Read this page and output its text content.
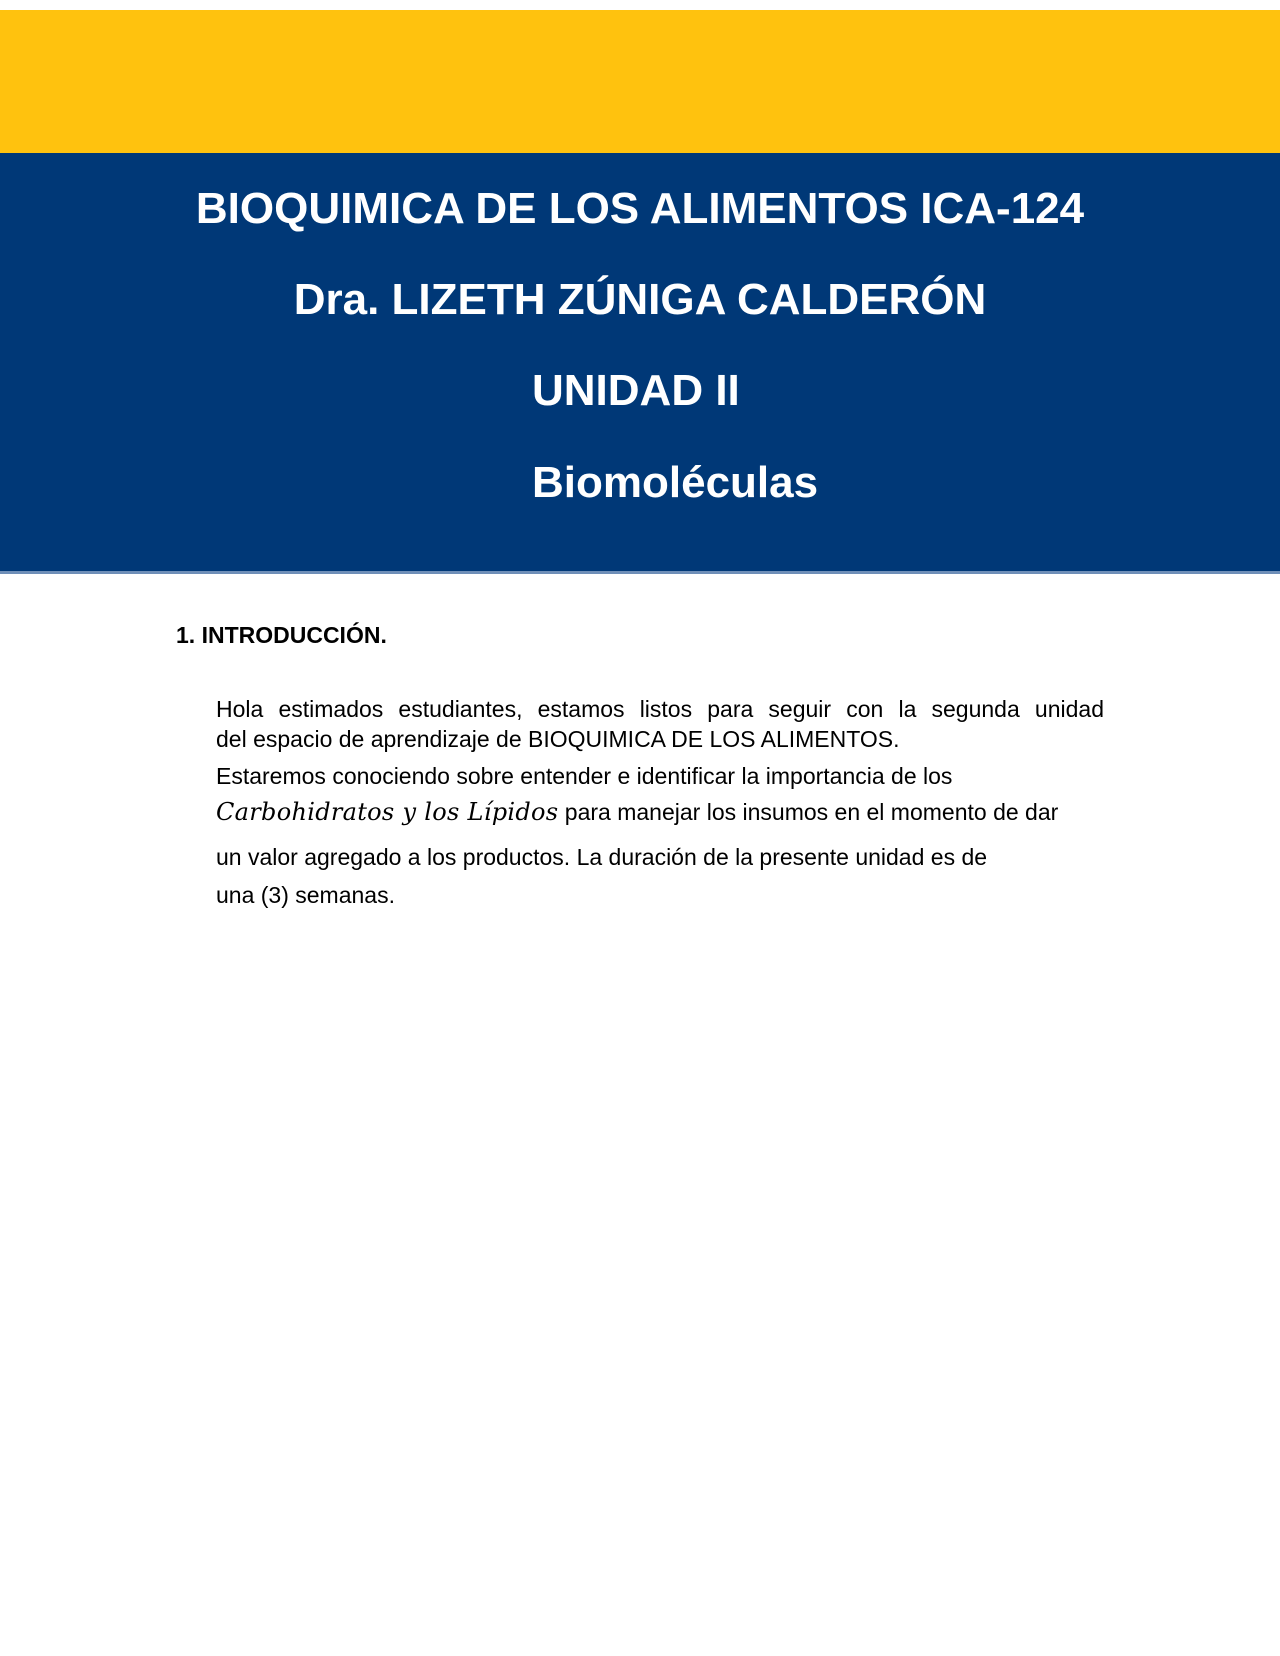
BIOQUIMICA DE LOS ALIMENTOS ICA-124
Dra. LIZETH ZÚNIGA CALDERÓN
UNIDAD II
Biomoléculas
1. INTRODUCCIÓN.

Hola estimados estudiantes, estamos listos para seguir con la segunda unidad

del espacio de aprendizaje de BIOQUIMICA DE LOS ALIMENTOS.

Estaremos conociendo sobre entender e identificar la importancia de los

Carbohidratos y los Lípidos para manejar los insumos en el momento de dar

un valor agregado a los productos. La duración de la presente unidad es de

una (3) semanas.
